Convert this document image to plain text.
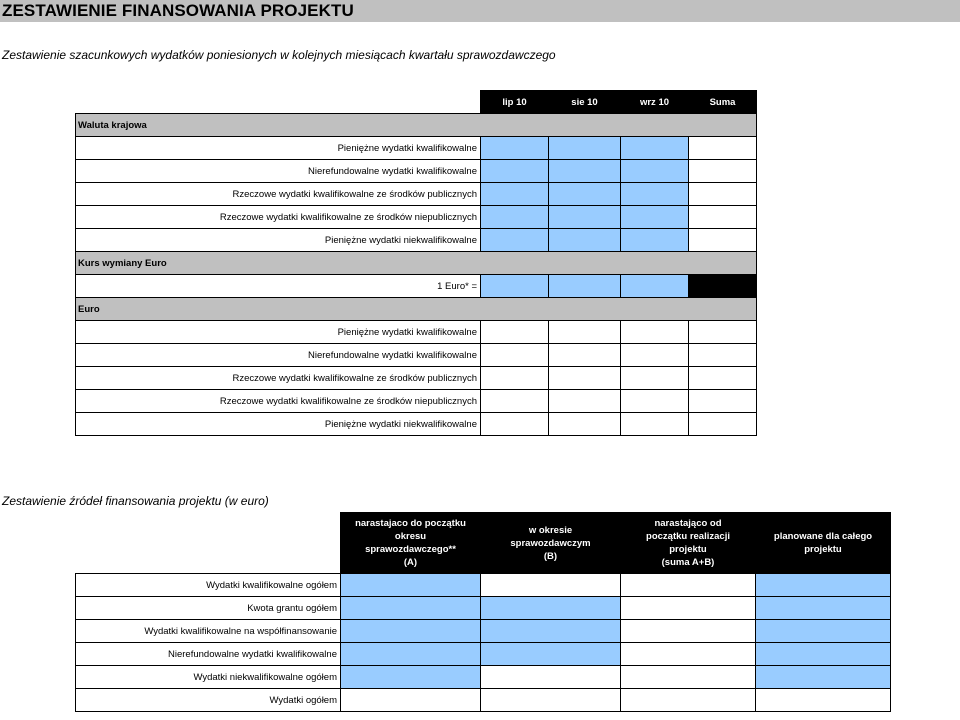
ZESTAWIENIE FINANSOWANIA PROJEKTU
Zestawienie szacunkowych wydatków poniesionych w kolejnych miesiącach kwartału sprawozdawczego
	lip 10	sie 10	wrz 10	Suma
Waluta krajowa				
Pieniężne wydatki kwalifikowalne				
Nierefundowalne wydatki kwalifikowalne				
Rzeczowe wydatki kwalifikowalne ze środków publicznych				
Rzeczowe wydatki kwalifikowalne ze środków niepublicznych				
Pieniężne wydatki niekwalifikowalne				
Kurs wymiany Euro				
1 Euro* =				
Euro				
Pieniężne wydatki kwalifikowalne				
Nierefundowalne wydatki kwalifikowalne				
Rzeczowe wydatki kwalifikowalne ze środków publicznych				
Rzeczowe wydatki kwalifikowalne ze środków niepublicznych				
Pieniężne wydatki niekwalifikowalne				
Zestawienie źródeł finansowania projektu (w euro)

	narastajaco do początku
okresu
sprawozdawczego**
(A)	w okresie
sprawozdawczym
(B)	narastająco od
początku realizacji
projektu
(suma A+B)	planowane dla całego
projektu

Wydatki kwalifikowalne ogółem				
Kwota grantu ogółem				
Wydatki kwalifikowalne na współfinansowanie				
Nierefundowalne wydatki kwalifikowalne				
Wydatki niekwalifikowalne ogółem				
Wydatki ogółem				
